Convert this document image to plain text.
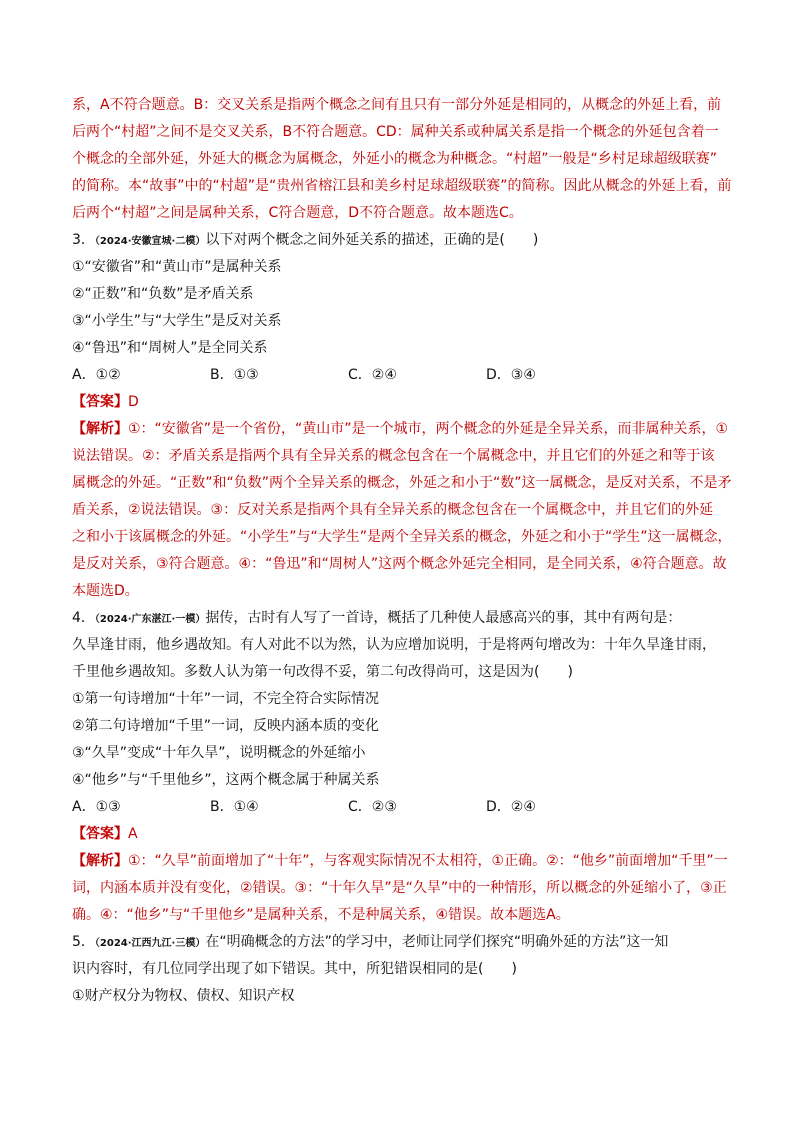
系，A不符合题意。B：交叉关系是指两个概念之间有且只有一部分外延是相同的，从概念的外延上看，前
后两个“村超”之间不是交叉关系，B不符合题意。CD：属种关系或种属关系是指一个概念的外延包含着一
个概念的全部外延，外延大的概念为属概念，外延小的概念为种概念。“村超”一般是“乡村足球超级联赛”
的简称。本“故事”中的“村超”是“贵州省榕江县和美乡村足球超级联赛”的简称。因此从概念的外延上看，前
后两个“村超”之间是属种关系，C符合题意，D不符合题意。故本题选C。
3．（2024·安徽宣城·二模）以下对两个概念之间外延关系的描述，正确的是(　　)
①“安徽省”和“黄山市”是属种关系
②“正数”和“负数”是矛盾关系
③“小学生”与“大学生”是反对关系
④“鲁迅”和“周树人”是全同关系
A．①②	B．①③	C．②④	D．③④
【答案】D
【解析】①：“安徽省”是一个省份，“黄山市”是一个城市，两个概念的外延是全异关系，而非属种关系，①
说法错误。②：矛盾关系是指两个具有全异关系的概念包含在一个属概念中，并且它们的外延之和等于该
属概念的外延。“正数”和“负数”两个全异关系的概念，外延之和小于“数”这一属概念，是反对关系，不是矛
盾关系，②说法错误。③：反对关系是指两个具有全异关系的概念包含在一个属概念中，并且它们的外延
之和小于该属概念的外延。“小学生”与“大学生”是两个全异关系的概念，外延之和小于“学生”这一属概念，
是反对关系，③符合题意。④：“鲁迅”和“周树人”这两个概念外延完全相同，是全同关系，④符合题意。故
本题选D。
4．（2024·广东湛江·一模）据传，古时有人写了一首诗，概括了几种使人最感高兴的事，其中有两句是：
久旱逢甘雨，他乡遇故知。有人对此不以为然，认为应增加说明，于是将两句增改为：十年久旱逢甘雨，
千里他乡遇故知。多数人认为第一句改得不妥，第二句改得尚可，这是因为(　　)
①第一句诗增加“十年”一词，不完全符合实际情况
②第二句诗增加“千里”一词，反映内涵本质的变化
③“久旱”变成“十年久旱”，说明概念的外延缩小
④“他乡”与“千里他乡”，这两个概念属于种属关系
A．①③	B．①④	C．②③	D．②④
【答案】A
【解析】①：“久旱”前面增加了“十年”，与客观实际情况不太相符，①正确。②：“他乡”前面增加“千里”一
词，内涵本质并没有变化，②错误。③：“十年久旱”是“久旱”中的一种情形，所以概念的外延缩小了，③正
确。④：“他乡”与“千里他乡”是属种关系，不是种属关系，④错误。故本题选A。
5．（2024·江西九江·三模）在“明确概念的方法”的学习中，老师让同学们探究“明确外延的方法”这一知
识内容时，有几位同学出现了如下错误。其中，所犯错误相同的是(　　)
①财产权分为物权、债权、知识产权
